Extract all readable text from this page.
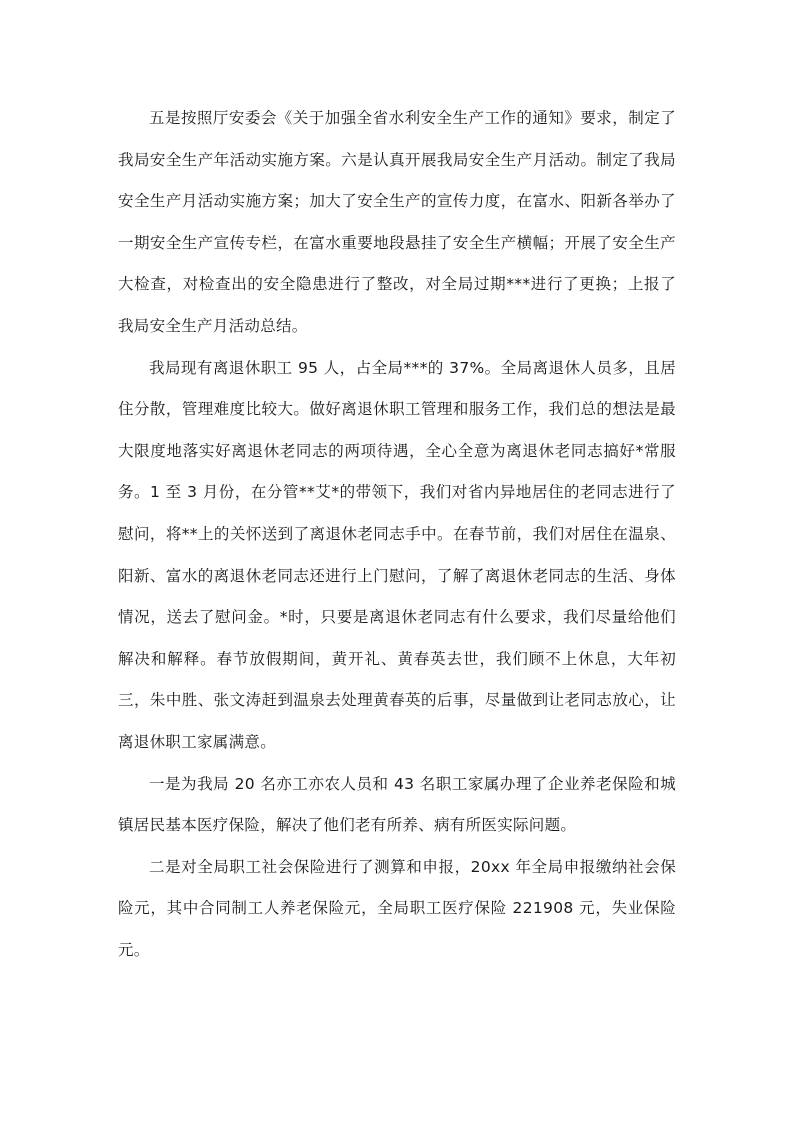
五是按照厅安委会《关于加强全省水利安全生产工作的通知》要求，制定了我局安全生产年活动实施方案。六是认真开展我局安全生产月活动。制定了我局安全生产月活动实施方案；加大了安全生产的宣传力度，在富水、阳新各举办了一期安全生产宣传专栏，在富水重要地段悬挂了安全生产横幅；开展了安全生产大检查，对检查出的安全隐患进行了整改，对全局过期***进行了更换；上报了我局安全生产月活动总结。

我局现有离退休职工 95 人，占全局***的 37%。全局离退休人员多，且居住分散，管理难度比较大。做好离退休职工管理和服务工作，我们总的想法是最大限度地落实好离退休老同志的两项待遇，全心全意为离退休老同志搞好*常服务。1 至 3 月份，在分管**艾*的带领下，我们对省内异地居住的老同志进行了慰问，将**上的关怀送到了离退休老同志手中。在春节前，我们对居住在温泉、阳新、富水的离退休老同志还进行上门慰问，了解了离退休老同志的生活、身体情况，送去了慰问金。*时，只要是离退休老同志有什么要求，我们尽量给他们解决和解释。春节放假期间，黄开礼、黄春英去世，我们顾不上休息，大年初三，朱中胜、张文涛赶到温泉去处理黄春英的后事，尽量做到让老同志放心，让离退休职工家属满意。

一是为我局 20 名亦工亦农人员和 43 名职工家属办理了企业养老保险和城镇居民基本医疗保险，解决了他们老有所养、病有所医实际问题。

二是对全局职工社会保险进行了测算和申报，20xx 年全局申报缴纳社会保险元，其中合同制工人养老保险元，全局职工医疗保险 221908 元，失业保险元。
